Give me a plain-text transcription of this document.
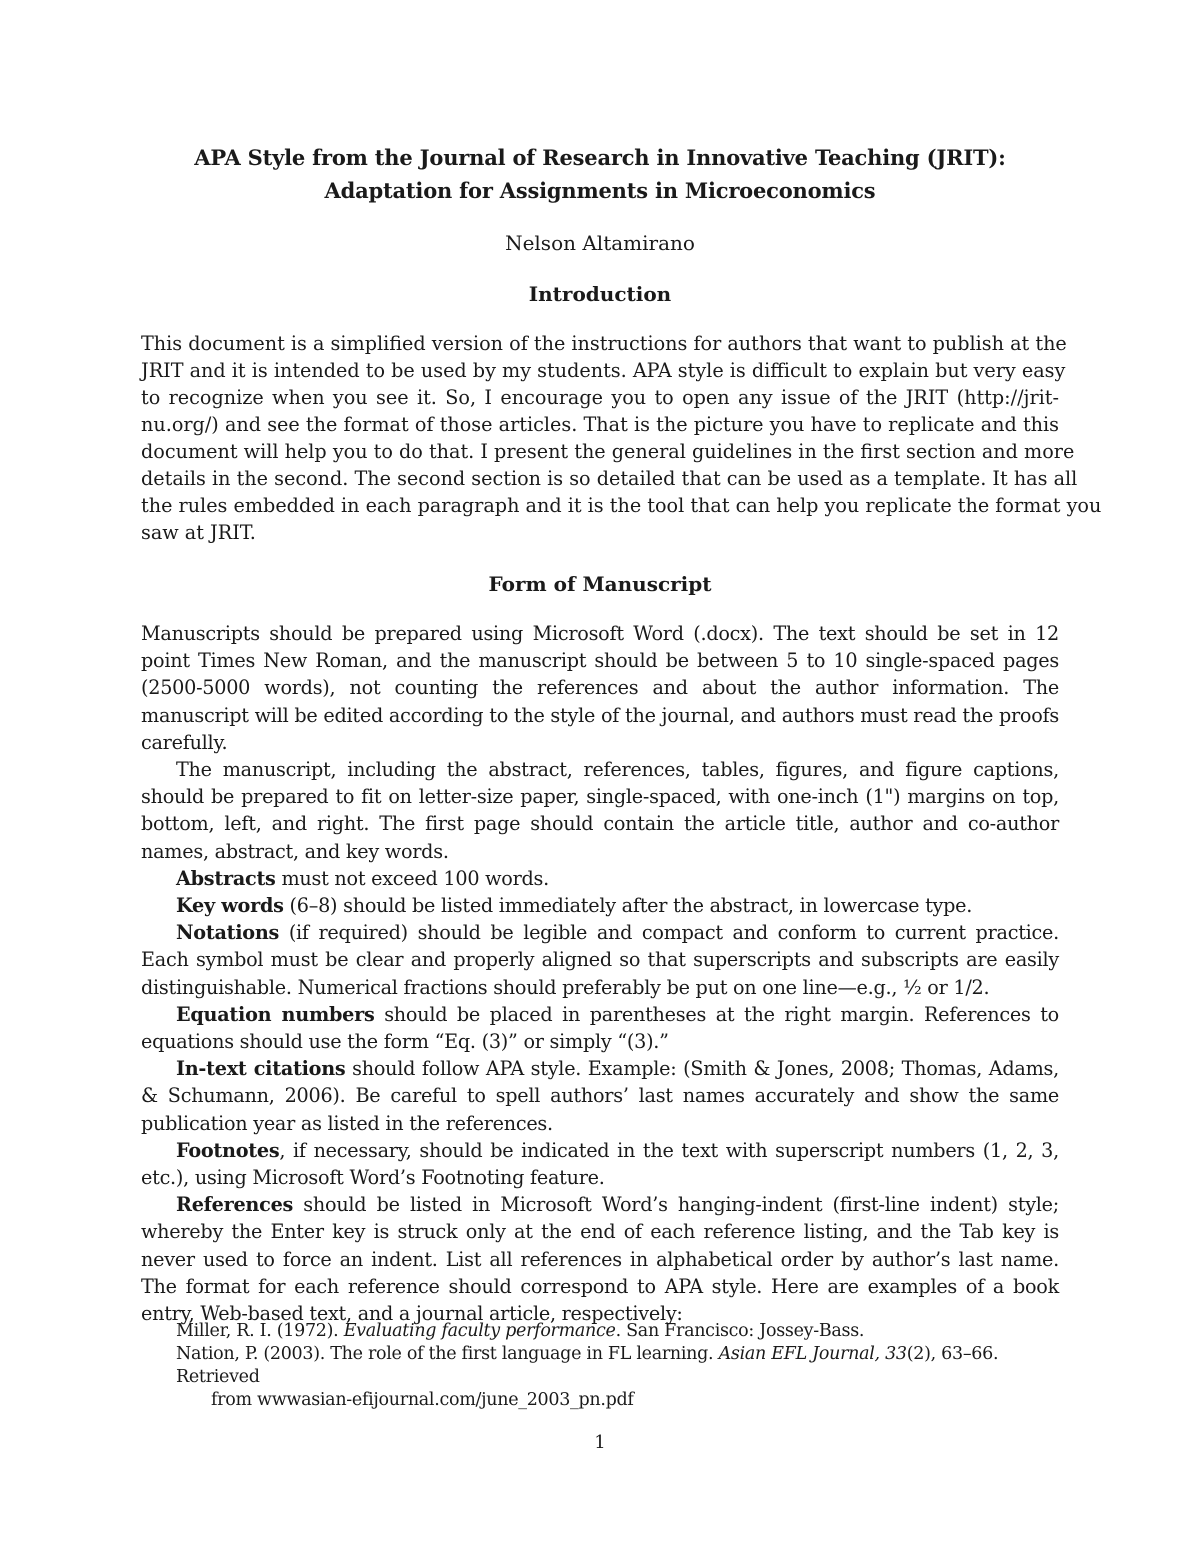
APA Style from the Journal of Research in Innovative Teaching (JRIT):
Adaptation for Assignments in Microeconomics

Nelson Altamirano

Introduction

This document is a simplified version of the instructions for authors that want to publish at the
JRIT and it is intended to be used by my students. APA style is difficult to explain but very easy
to recognize when you see it. So, I encourage you to open any issue of the JRIT (http://jrit-
nu.org/) and see the format of those articles. That is the picture you have to replicate and this
document will help you to do that. I present the general guidelines in the first section and more
details in the second. The second section is so detailed that can be used as a template. It has all
the rules embedded in each paragraph and it is the tool that can help you replicate the format you
saw at JRIT.

Form of Manuscript

Manuscripts should be prepared using Microsoft Word (.docx). The text should be set in 12 point Times New Roman, and the manuscript should be between 5 to 10 single-spaced pages (2500-5000 words), not counting the references and about the author information. The manuscript will be edited according to the style of the journal, and authors must read the proofs carefully.

The manuscript, including the abstract, references, tables, figures, and figure captions, should be prepared to fit on letter-size paper, single-spaced, with one-inch (1") margins on top, bottom, left, and right. The first page should contain the article title, author and co-author names, abstract, and key words.

Abstracts must not exceed 100 words.

Key words (6–8) should be listed immediately after the abstract, in lowercase type.

Notations (if required) should be legible and compact and conform to current practice. Each symbol must be clear and properly aligned so that superscripts and subscripts are easily distinguishable. Numerical fractions should preferably be put on one line—e.g., ½ or 1/2.

Equation numbers should be placed in parentheses at the right margin. References to equations should use the form “Eq. (3)” or simply “(3).”

In-text citations should follow APA style. Example: (Smith & Jones, 2008; Thomas, Adams, & Schumann, 2006). Be careful to spell authors’ last names accurately and show the same publication year as listed in the references.

Footnotes, if necessary, should be indicated in the text with superscript numbers (1, 2, 3, etc.), using Microsoft Word’s Footnoting feature.

References should be listed in Microsoft Word’s hanging-indent (first-line indent) style; whereby the Enter key is struck only at the end of each reference listing, and the Tab key is never used to force an indent. List all references in alphabetical order by author’s last name. The format for each reference should correspond to APA style. Here are examples of a book entry, Web-based text, and a journal article, respectively:

Miller, R. I. (1972). Evaluating faculty performance. San Francisco: Jossey-Bass.

Nation, P. (2003). The role of the first language in FL learning. Asian EFL Journal, 33(2), 63–66. Retrieved
from wwwasian-efijournal.com/june_2003_pn.pdf

1
